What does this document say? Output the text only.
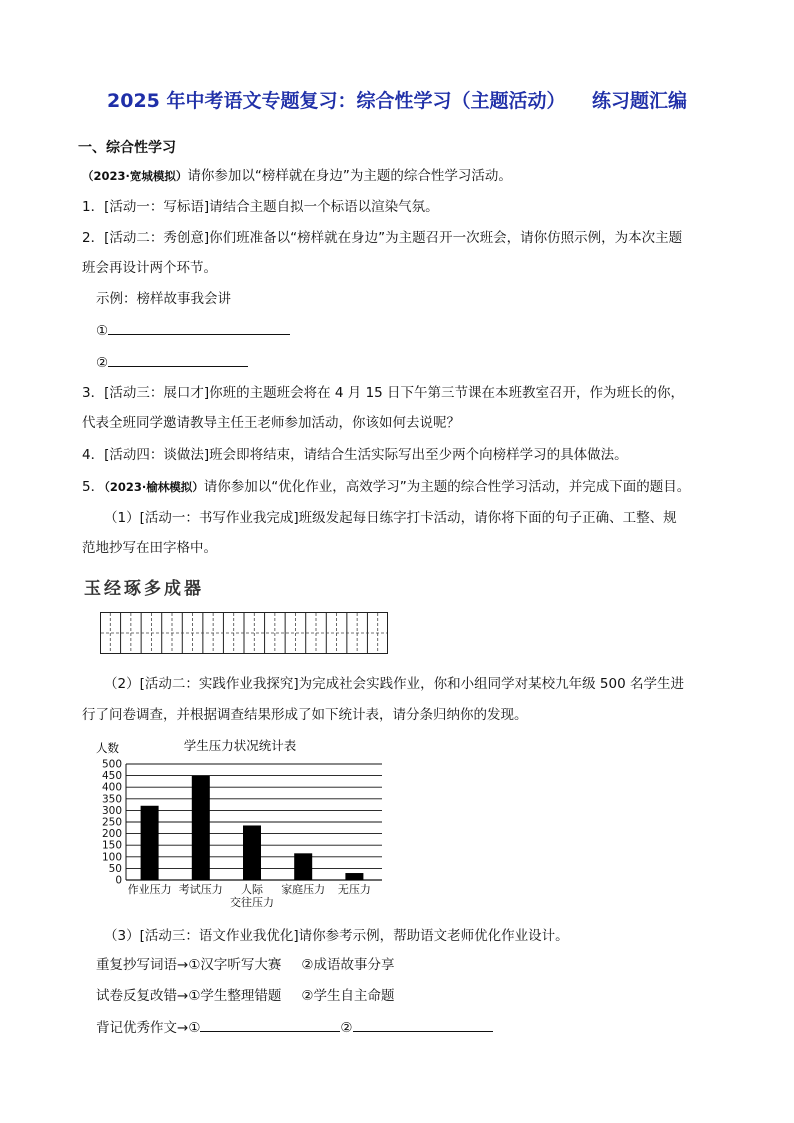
2025 年中考语文专题复习：综合性学习（主题活动）    练习题汇编
一、综合性学习
（2023·宽城模拟）请你参加以“榜样就在身边”为主题的综合性学习活动。
1．[活动一：写标语]请结合主题自拟一个标语以渲染气氛。
2．[活动二：秀创意]你们班准备以“榜样就在身边”为主题召开一次班会，请你仿照示例，为本次主题
班会再设计两个环节。
示例：榜样故事我会讲
①
②
3．[活动三：展口才]你班的主题班会将在 4 月 15 日下午第三节课在本班教室召开，作为班长的你，
代表全班同学邀请教导主任王老师参加活动，你该如何去说呢？
4．[活动四：谈做法]班会即将结束，请结合生活实际写出至少两个向榜样学习的具体做法。
5．（2023·榆林模拟）请你参加以“优化作业，高效学习”为主题的综合性学习活动，并完成下面的题目。
（1）[活动一：书写作业我完成]班级发起每日练字打卡活动，请你将下面的句子正确、工整、规
范地抄写在田字格中。
玉经琢多成器
（2）[活动二：实践作业我探究]为完成社会实践作业，你和小组同学对某校九年级 500 名学生进
行了问卷调查，并根据调查结果形成了如下统计表，请分条归纳你的发现。
学生压力状况统计表
人数
0
50
100
150
200
250
300
350
400
450
500
作业压力 考试压力 人际
交往压力
家庭压力 无压力
（3）[活动三：语文作业我优化]请你参考示例，帮助语文老师优化作业设计。
重复抄写词语→①汉字听写大赛 ②成语故事分享
试卷反复改错→①学生整理错题 ②学生自主命题
背记优秀作文→①	②
